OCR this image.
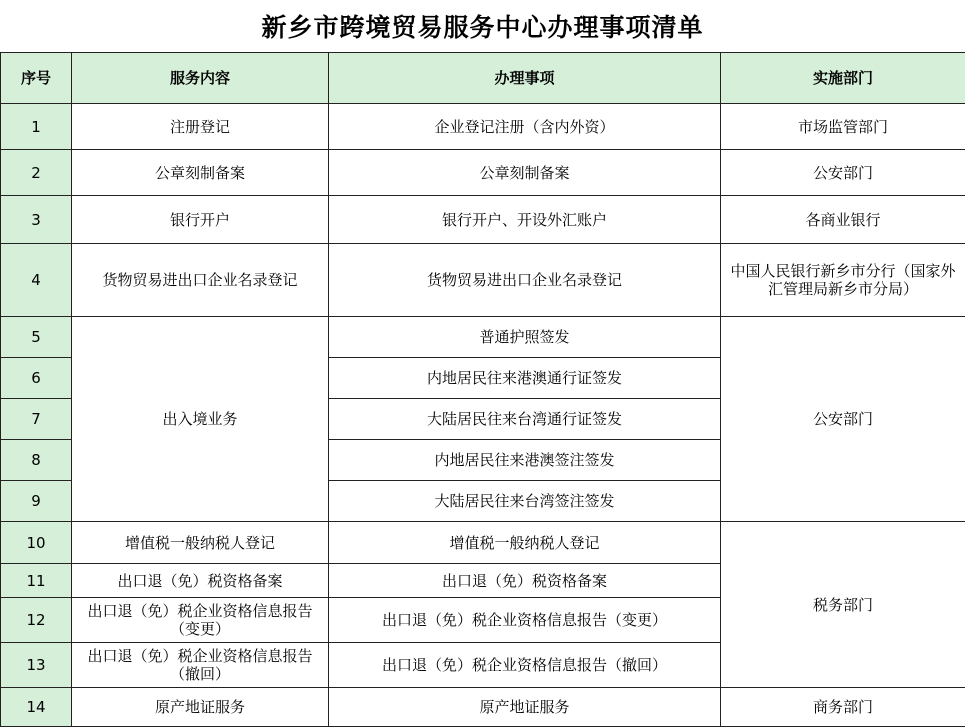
新乡市跨境贸易服务中心办理事项清单
序号	服务内容	办理事项	实施部门
1	注册登记	企业登记注册（含内外资）	市场监管部门
2	公章刻制备案	公章刻制备案	公安部门
3	银行开户	银行开户、开设外汇账户	各商业银行
4	货物贸易进出口企业名录登记	货物贸易进出口企业名录登记	中国人民银行新乡市分行（国家外汇管理局新乡市分局）
5	出入境业务	普通护照签发	公安部门
6		内地居民往来港澳通行证签发	
7		大陆居民往来台湾通行证签发	
8		内地居民往来港澳签注签发	
9		大陆居民往来台湾签注签发	
10	增值税一般纳税人登记	增值税一般纳税人登记	税务部门
11	出口退（免）税资格备案	出口退（免）税资格备案	
12	出口退（免）税企业资格信息报告（变更）	出口退（免）税企业资格信息报告（变更）	
13	出口退（免）税企业资格信息报告（撤回）	出口退（免）税企业资格信息报告（撤回）	
14	原产地证服务	原产地证服务	商务部门
